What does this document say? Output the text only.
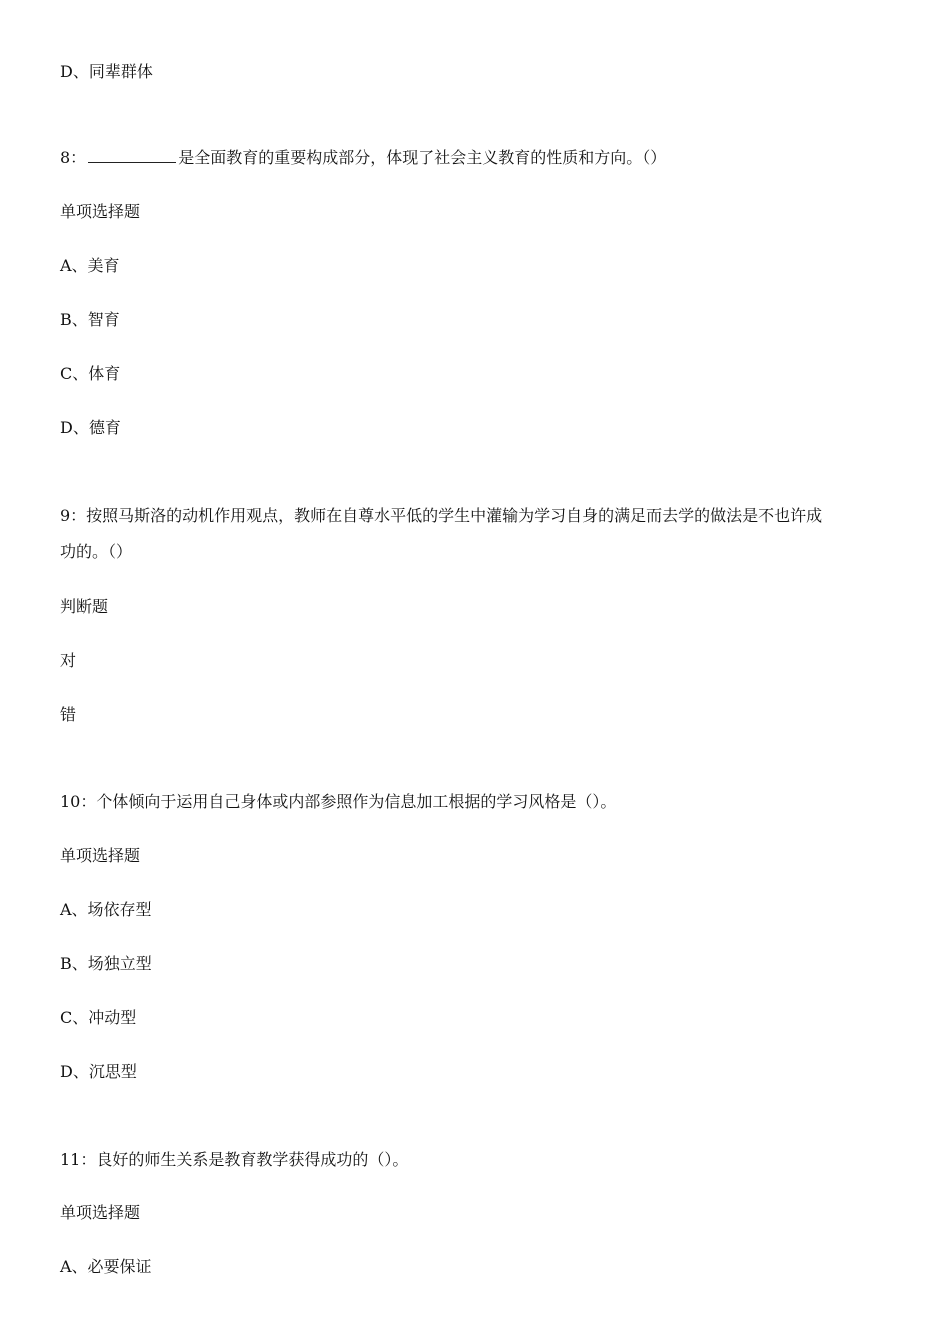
D、同辈群体
8：	是全面教育的重要构成部分，体现了社会主义教育的性质和方向。（）
单项选择题
A、美育
B、智育
C、体育
D、德育
9：按照马斯洛的动机作用观点，教师在自尊水平低的学生中灌输为学习自身的满足而去学的做法是不也许成
功的。（）
判断题
对
错
10：个体倾向于运用自己身体或内部参照作为信息加工根据的学习风格是（）。
单项选择题
A、场依存型
B、场独立型
C、冲动型
D、沉思型
11：良好的师生关系是教育教学获得成功的（）。
单项选择题
A、必要保证
